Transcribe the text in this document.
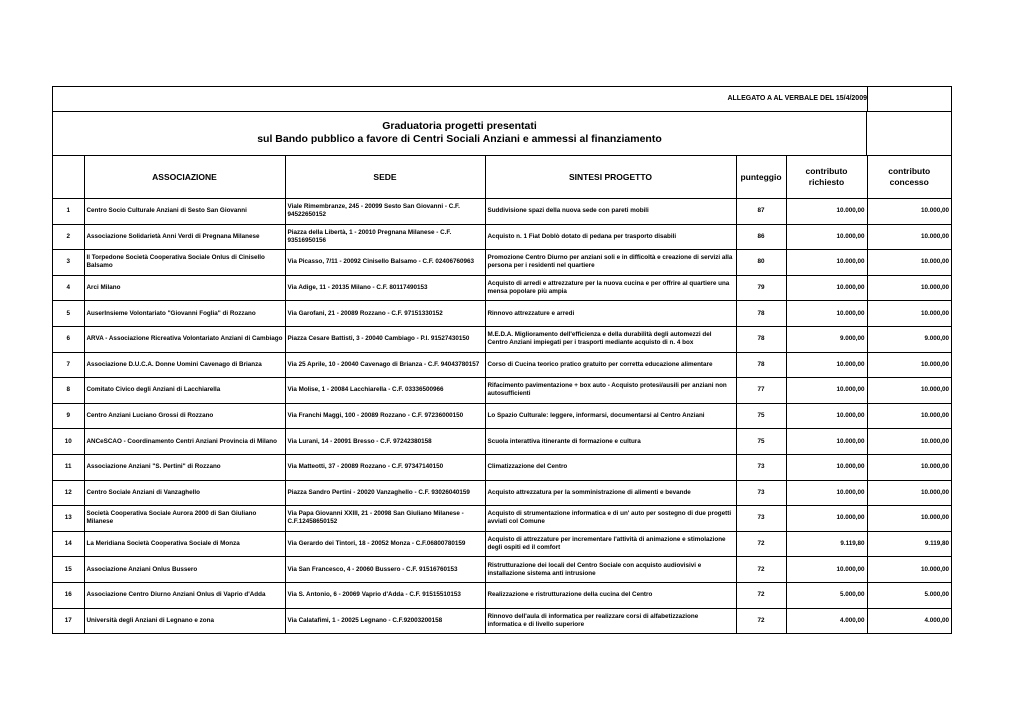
ALLEGATO A AL VERBALE DEL 15/4/2009
Graduatoria progetti presentati
sul Bando pubblico a favore di Centri Sociali Anziani e ammessi al finanziamento
	ASSOCIAZIONE	SEDE	SINTESI PROGETTO	punteggio	contributo richiesto	contributo concesso
1	Centro Socio Culturale Anziani di Sesto San Giovanni	Viale Rimembranze, 245 - 20099 Sesto San Giovanni - C.F. 94522650152	Suddivisione spazi della nuova sede con pareti mobili	87	10.000,00	10.000,00
2	Associazione Solidarietà Anni Verdi di Pregnana Milanese	Piazza della Libertà, 1 - 20010 Pregnana Milanese - C.F. 93516950156	Acquisto n. 1 Fiat Doblò dotato di pedana per trasporto disabili	86	10.000,00	10.000,00
3	Il Torpedone Società Cooperativa Sociale Onlus di Cinisello Balsamo	Via Picasso, 7/11 - 20092 Cinisello Balsamo - C.F. 02406760963	Promozione Centro Diurno per anziani soli e in difficoltà e creazione di servizi alla persona per i residenti nel quartiere	80	10.000,00	10.000,00
4	Arci Milano	Via Adige, 11 - 20135 Milano - C.F. 80117490153	Acquisto di arredi e attrezzature per la nuova cucina e per offrire al quartiere una mensa popolare più ampia	79	10.000,00	10.000,00
5	AuserInsieme Volontariato "Giovanni Foglia" di Rozzano	Via Garofani, 21 - 20089 Rozzano - C.F. 97151330152	Rinnovo attrezzature e arredi	78	10.000,00	10.000,00
6	ARVA - Associazione Ricreativa Volontariato Anziani di Cambiago	Piazza Cesare Battisti, 3 - 20040 Cambiago - P.I. 91527430150	M.E.D.A. Miglioramento dell'efficienza e della durabilità degli automezzi del Centro Anziani impiegati per i trasporti mediante acquisto di n. 4 box	78	9.000,00	9.000,00
7	Associazione D.U.C.A. Donne Uomini Cavenago di Brianza	Via 25 Aprile, 10 - 20040 Cavenago di Brianza - C.F. 94043780157	Corso di Cucina teorico pratico gratuito per corretta educazione alimentare	78	10.000,00	10.000,00
8	Comitato Civico degli Anziani di Lacchiarella	Via Molise, 1 - 20084 Lacchiarella - C.F. 03336500966	Rifacimento pavimentazione + box auto - Acquisto protesi/ausili per anziani non autosufficienti	77	10.000,00	10.000,00
9	Centro Anziani Luciano Grossi di Rozzano	Via Franchi Maggi, 100 - 20089 Rozzano - C.F. 97236000150	Lo Spazio Culturale: leggere, informarsi, documentarsi al Centro Anziani	75	10.000,00	10.000,00
10	ANCeSCAO - Coordinamento Centri Anziani Provincia di Milano	Via Lurani, 14 - 20091 Bresso - C.F. 97242380158	Scuola interattiva itinerante di formazione e cultura	75	10.000,00	10.000,00
11	Associazione Anziani "S. Pertini" di Rozzano	Via Matteotti, 37 - 20089 Rozzano - C.F. 97347140150	Climatizzazione del Centro	73	10.000,00	10.000,00
12	Centro Sociale Anziani di Vanzaghello	Piazza Sandro Pertini - 20020 Vanzaghello - C.F. 93026040159	Acquisto attrezzatura per la somministrazione di alimenti e bevande	73	10.000,00	10.000,00
13	Società Cooperativa Sociale Aurora 2000 di San Giuliano Milanese	Via Papa Giovanni XXIII, 21 - 20098 San Giuliano Milanese - C.F.12458650152	Acquisto di strumentazione informatica e di un' auto per sostegno di due progetti avviati col Comune	73	10.000,00	10.000,00
14	La Meridiana Società Cooperativa Sociale di Monza	Via Gerardo dei Tintori, 18 - 20052 Monza - C.F.06800780159	Acquisto di attrezzature per incrementare l'attività di animazione e stimolazione degli ospiti ed il comfort	72	9.119,80	9.119,80
15	Associazione Anziani Onlus Bussero	Via San Francesco, 4 - 20060 Bussero - C.F. 91516760153	Ristrutturazione dei locali del Centro Sociale con acquisto audiovisivi e installazione sistema anti intrusione	72	10.000,00	10.000,00
16	Associazione Centro Diurno Anziani Onlus di Vaprio d'Adda	Via S. Antonio, 6 - 20069 Vaprio d'Adda - C.F. 91515510153	Realizzazione e ristrutturazione della cucina del Centro	72	5.000,00	5.000,00
17	Università degli Anziani di Legnano e zona	Via Calatafimi, 1 - 20025 Legnano - C.F.92003200158	Rinnovo dell'aula di informatica per realizzare corsi di alfabetizzazione informatica e di livello superiore	72	4.000,00	4.000,00
